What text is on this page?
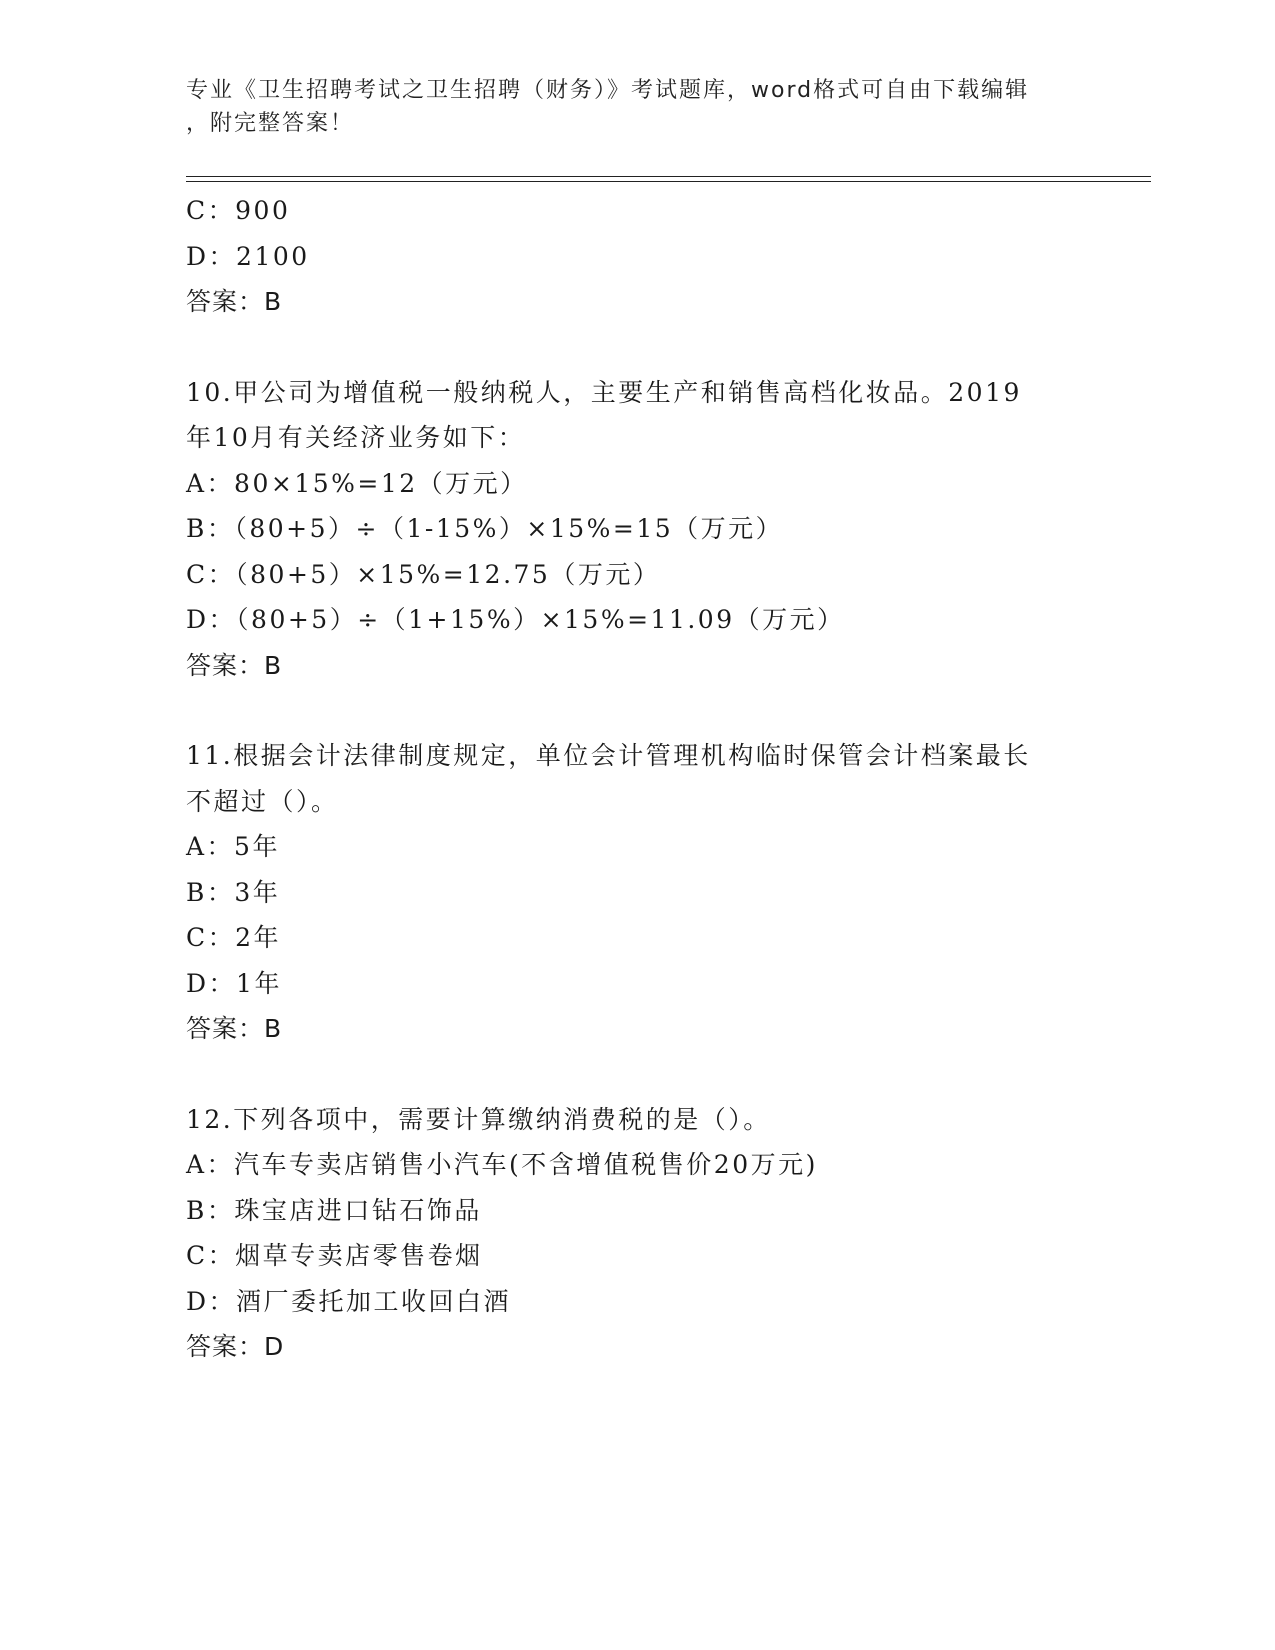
专业《卫生招聘考试之卫生招聘（财务）》考试题库，word格式可自由下载编辑
，附完整答案！
C：900
D：2100
答案：B
10.甲公司为增值税一般纳税人，主要生产和销售高档化妆品。2019
年10月有关经济业务如下：
A：80×15%=12（万元）
B：（80+5）÷（1-15%）×15%=15（万元）
C：（80+5）×15%=12.75（万元）
D：（80+5）÷（1+15%）×15%=11.09（万元）
答案：B
11.根据会计法律制度规定，单位会计管理机构临时保管会计档案最长
不超过（）。
A：5年
B：3年
C：2年
D：1年
答案：B
12.下列各项中，需要计算缴纳消费税的是（）。
A：汽车专卖店销售小汽车(不含增值税售价20万元)
B：珠宝店进口钻石饰品
C：烟草专卖店零售卷烟
D：酒厂委托加工收回白酒
答案：D
